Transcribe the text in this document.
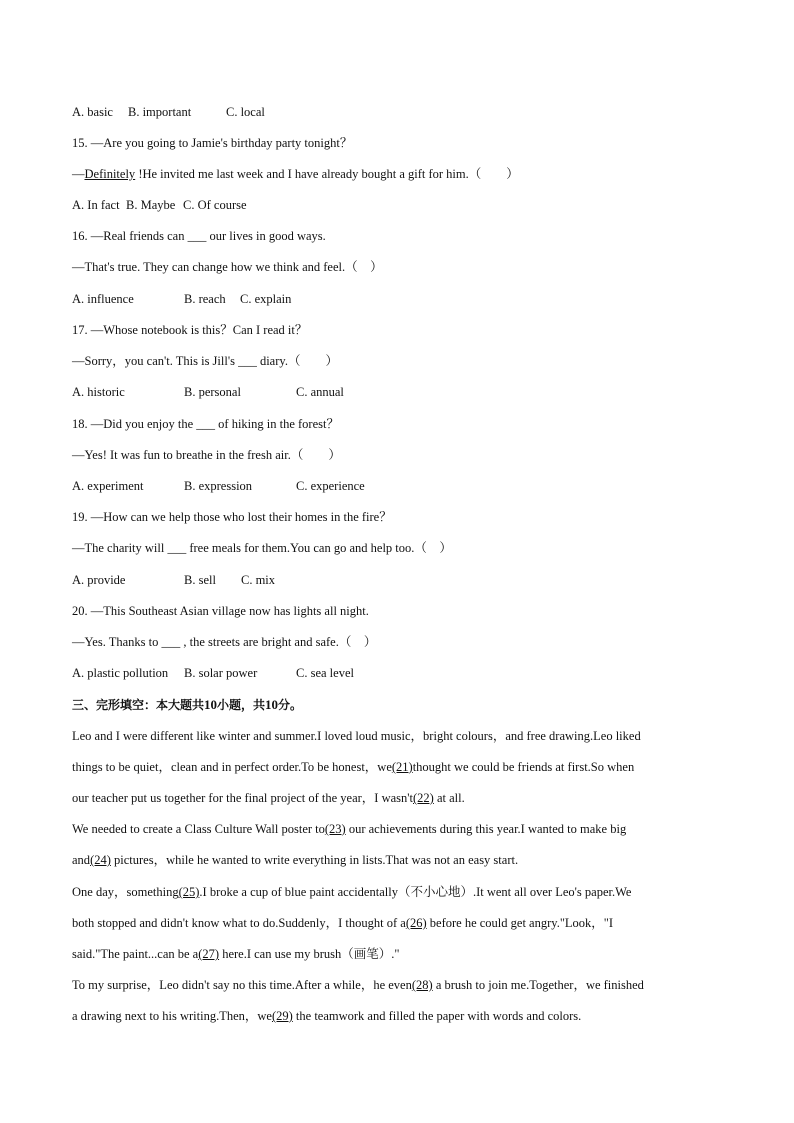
A. basic	B. important	C. local
15. —Are you going to Jamie's birthday party tonight？
—Definitely !He invited me last week and I have already bought a gift for him.（　　）
A. In fact B. Maybe C. Of course
16. —Real friends can ___ our lives in good ways.
—That's true. They can change how we think and feel.（　）
A. influence	B. reach	C. explain
17. —Whose notebook is this？Can I read it？
—Sorry，you can't. This is Jill's ___ diary.（　　）
A. historic	B. personal	C. annual
18. —Did you enjoy the ___ of hiking in the forest？
—Yes! It was fun to breathe in the fresh air.（　　）
A. experiment	B. expression	C. experience
19. —How can we help those who lost their homes in the fire？
—The charity will ___ free meals for them.You can go and help too.（　）
A. provide	B. sell	C. mix
20. —This Southeast Asian village now has lights all night.
—Yes. Thanks to ___ , the streets are bright and safe.（　）
A. plastic pollution	B. solar power	C. sea level
三、完形填空：本大题共10小题，共10分。
Leo and I were different like winter and summer.I loved loud music，bright colours，and free drawing.Leo liked
things to be quiet，clean and in perfect order.To be honest，we(21)thought we could be friends at first.So when
our teacher put us together for the final project of the year，I wasn't(22) at all.
We needed to create a Class Culture Wall poster to(23) our achievements during this year.I wanted to make big
and(24) pictures，while he wanted to write everything in lists.That was not an easy start.
One day，something(25).I broke a cup of blue paint accidentally（不小心地）.It went all over Leo's paper.We
both stopped and didn't know what to do.Suddenly，I thought of a(26) before he could get angry."Look，"I
said."The paint...can be a(27) here.I can use my brush（画笔）."
To my surprise，Leo didn't say no this time.After a while，he even(28) a brush to join me.Together，we finished
a drawing next to his writing.Then，we(29) the teamwork and filled the paper with words and colors.
